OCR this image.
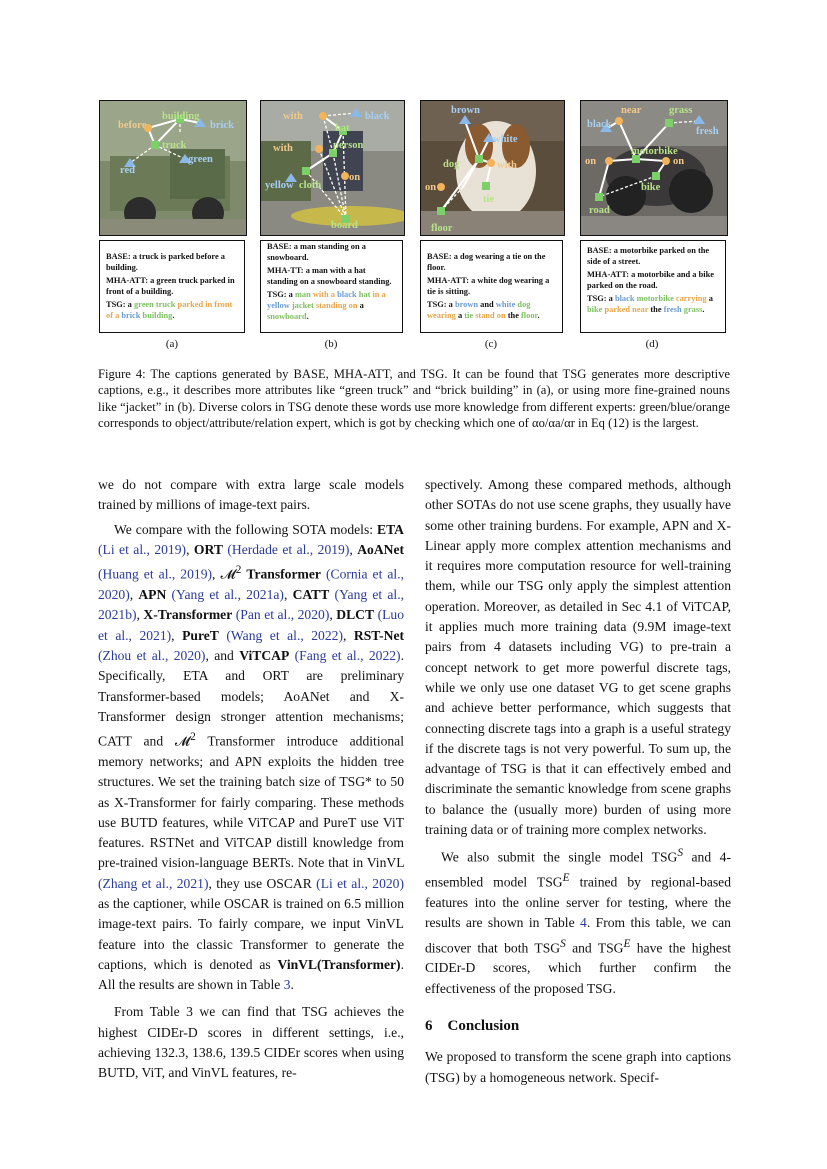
building
before	brick
truck
green
red

BASE: a truck is parked before a building.

MHA-ATT: a green truck parked in front of a building.

TSG: a green truck parked in front of a brick building.

(a)
with	black
hat
person
with
yellow cloth
on
board

BASE: a man standing on a snowboard.

MHA-TT: a man with a hat standing on a snowboard standing.

TSG: a man with a black hat in a yellow jacket standing on a snowboard.

(b)
brown
white
dog	with
on
tie
floor

BASE: a dog wearing a tie on the floor.

MHA-ATT: a white dog wearing a tie is sitting.

TSG: a brown and white dog wearing a tie stand on the floor.

(c)
near	grass
black
fresh
motorbike
on	on
bike
road

BASE: a motorbike parked on the side of a street.

MHA-ATT: a motorbike and a bike parked on the road.

TSG: a black motorbike carrying a bike parked near the fresh grass.

(d)
Figure 4: The captions generated by BASE, MHA-ATT, and TSG. It can be found that TSG generates more descriptive captions, e.g., it describes more attributes like “green truck” and “brick building” in (a), or using more fine-grained nouns like “jacket” in (b). Diverse colors in TSG denote these words use more knowledge from different experts: green/blue/orange corresponds to object/attribute/relation expert, which is got by checking which one of αo/αa/αr in Eq (12) is the largest.

we do not compare with extra large scale models trained by millions of image-text pairs.

We compare with the following SOTA models: ETA (Li et al., 2019), ORT (Herdade et al., 2019), AoANet (Huang et al., 2019), 𝓜$^2$ Transformer (Cornia et al., 2020), APN (Yang et al., 2021a), CATT (Yang et al., 2021b), X-Transformer (Pan et al., 2020), DLCT (Luo et al., 2021), PureT (Wang et al., 2022), RST-Net (Zhou et al., 2020), and ViTCAP (Fang et al., 2022). Specifically, ETA and ORT are preliminary Transformer-based models; AoANet and X-Transformer design stronger attention mechanisms; CATT and 𝓜$^2$ Transformer introduce additional memory networks; and APN exploits the hidden tree structures. We set the training batch size of TSG* to 50 as X-Transformer for fairly comparing. These methods use BUTD features, while ViTCAP and PureT use ViT features. RSTNet and ViTCAP distill knowledge from pre-trained vision-language BERTs. Note that in VinVL (Zhang et al., 2021), they use OSCAR (Li et al., 2020) as the captioner, while OSCAR is trained on 6.5 million image-text pairs. To fairly compare, we input VinVL feature into the classic Transformer to generate the captions, which is denoted as VinVL(Transformer). All the results are shown in Table 3.

From Table 3 we can find that TSG achieves the highest CIDEr-D scores in different settings, i.e., achieving 132.3, 138.6, 139.5 CIDEr scores when using BUTD, ViT, and VinVL features, re-

spectively. Among these compared methods, although other SOTAs do not use scene graphs, they usually have some other training burdens. For example, APN and X-Linear apply more complex attention mechanisms and it requires more computation resource for well-training them, while our TSG only apply the simplest attention operation. Moreover, as detailed in Sec 4.1 of ViTCAP, it applies much more training data (9.9M image-text pairs from 4 datasets including VG) to pre-train a concept network to get more powerful discrete tags, while we only use one dataset VG to get scene graphs and achieve better performance, which suggests that connecting discrete tags into a graph is a useful strategy if the discrete tags is not very powerful. To sum up, the advantage of TSG is that it can effectively embed and discriminate the semantic knowledge from scene graphs to balance the (usually more) burden of using more training data or of training more complex networks.

We also submit the single model $TSG^S$ and 4-ensembled model $TSG^E$ trained by regional-based features into the online server for testing, where the results are shown in Table 4. From this table, we can discover that both $TSG^S$ and $TSG^E$ have the highest CIDEr-D scores, which further confirm the effectiveness of the proposed TSG.

6    Conclusion

We proposed to transform the scene graph into captions (TSG) by a homogeneous network. Specif-
